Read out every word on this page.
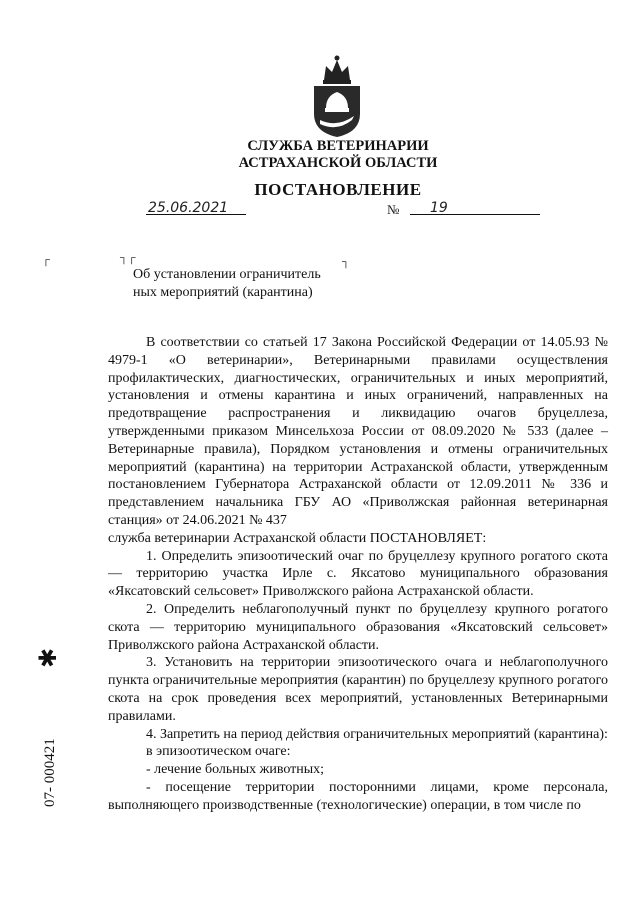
СЛУЖБА ВЕТЕРИНАРИИ
АСТРАХАНСКОЙ ОБЛАСТИ
ПОСТАНОВЛЕНИЕ
25.06.2021	№ 19
┌	┐┌	┐
Об установлении ограничитель
ных мероприятий (карантина)

В соответствии со статьей 17 Закона Российской Федерации от 14.05.93 № 4979-1 «О ветеринарии», Ветеринарными правилами осуществления профилактических, диагностических, ограничительных и иных мероприятий, установления и отмены карантина и иных ограничений, направленных на предотвращение распространения и ликвидацию очагов бруцеллеза, утвержденными приказом Минсельхоза России от 08.09.2020 № 533 (далее – Ветеринарные правила), Порядком установления и отмены ограничительных мероприятий (карантина) на территории Астраханской области, утвержденным постановлением Губернатора Астраханской области от 12.09.2011 № 336 и представлением начальника ГБУ АО «Приволжская районная ветеринарная станция» от 24.06.2021 № 437

служба ветеринарии Астраханской области ПОСТАНОВЛЯЕТ:

1. Определить эпизоотический очаг по бруцеллезу крупного рогатого скота — территорию участка Ирле с. Яксатово муниципального образования «Яксатовский сельсовет» Приволжского района Астраханской области.

2. Определить неблагополучный пункт по бруцеллезу крупного рогатого скота — территорию муниципального образования «Яксатовский сельсовет» Приволжского района Астраханской области.

3. Установить на территории эпизоотического очага и неблагополучного пункта ограничительные мероприятия (карантин) по бруцеллезу крупного рогатого скота на срок проведения всех мероприятий, установленных Ветеринарными правилами.

4. Запретить на период действия ограничительных мероприятий (карантина):

в эпизоотическом очаге:

- лечение больных животных;

- посещение территории посторонними лицами, кроме персонала, выполняющего производственные (технологические) операции, в том числе по

07- 000421
✱
